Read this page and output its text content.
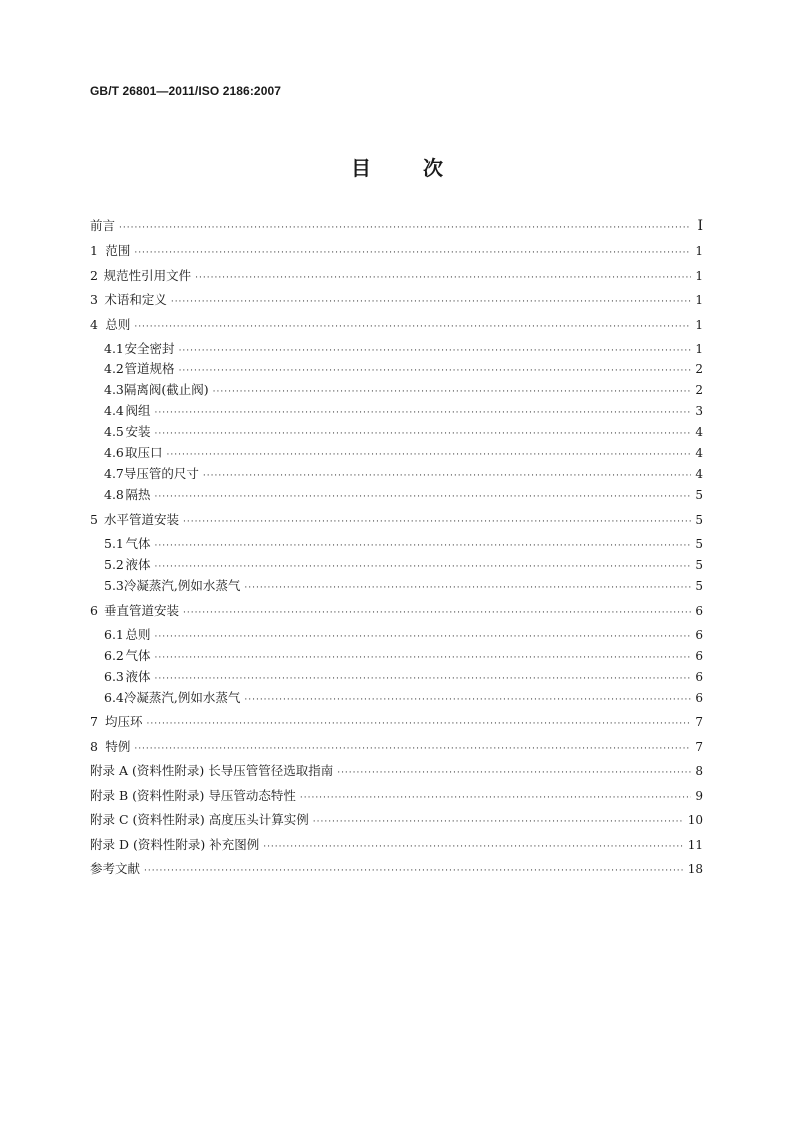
GB/T 26801—2011/ISO 2186:2007
目	次
前言 ·····	Ⅰ
1 范围 ·····	1
2 规范性引用文件 ·····	1
3 术语和定义 ·····	1
4 总则 ·····	1
4.1 安全密封 ·····	1
4.2 管道规格 ·····	2
4.3 隔离阀(截止阀) ·····	2
4.4 阀组 ·····	3
4.5 安装 ·····	4
4.6 取压口 ·····	4
4.7 导压管的尺寸 ·····	4
4.8 隔热 ·····	5
5 水平管道安装 ·····	5
5.1 气体 ·····	5
5.2 液体 ·····	5
5.3 冷凝蒸汽,例如水蒸气 ·····	5
6 垂直管道安装 ·····	6
6.1 总则 ·····	6
6.2 气体 ·····	6
6.3 液体 ·····	6
6.4 冷凝蒸汽,例如水蒸气 ·····	6
7 均压环 ·····	7
8 特例 ·····	7
附录 A (资料性附录) 长导压管管径选取指南 ·····	8
附录 B (资料性附录) 导压管动态特性 ·····	9
附录 C (资料性附录) 高度压头计算实例 ·····	10
附录 D (资料性附录) 补充图例 ·····	11
参考文献 ·····	18
